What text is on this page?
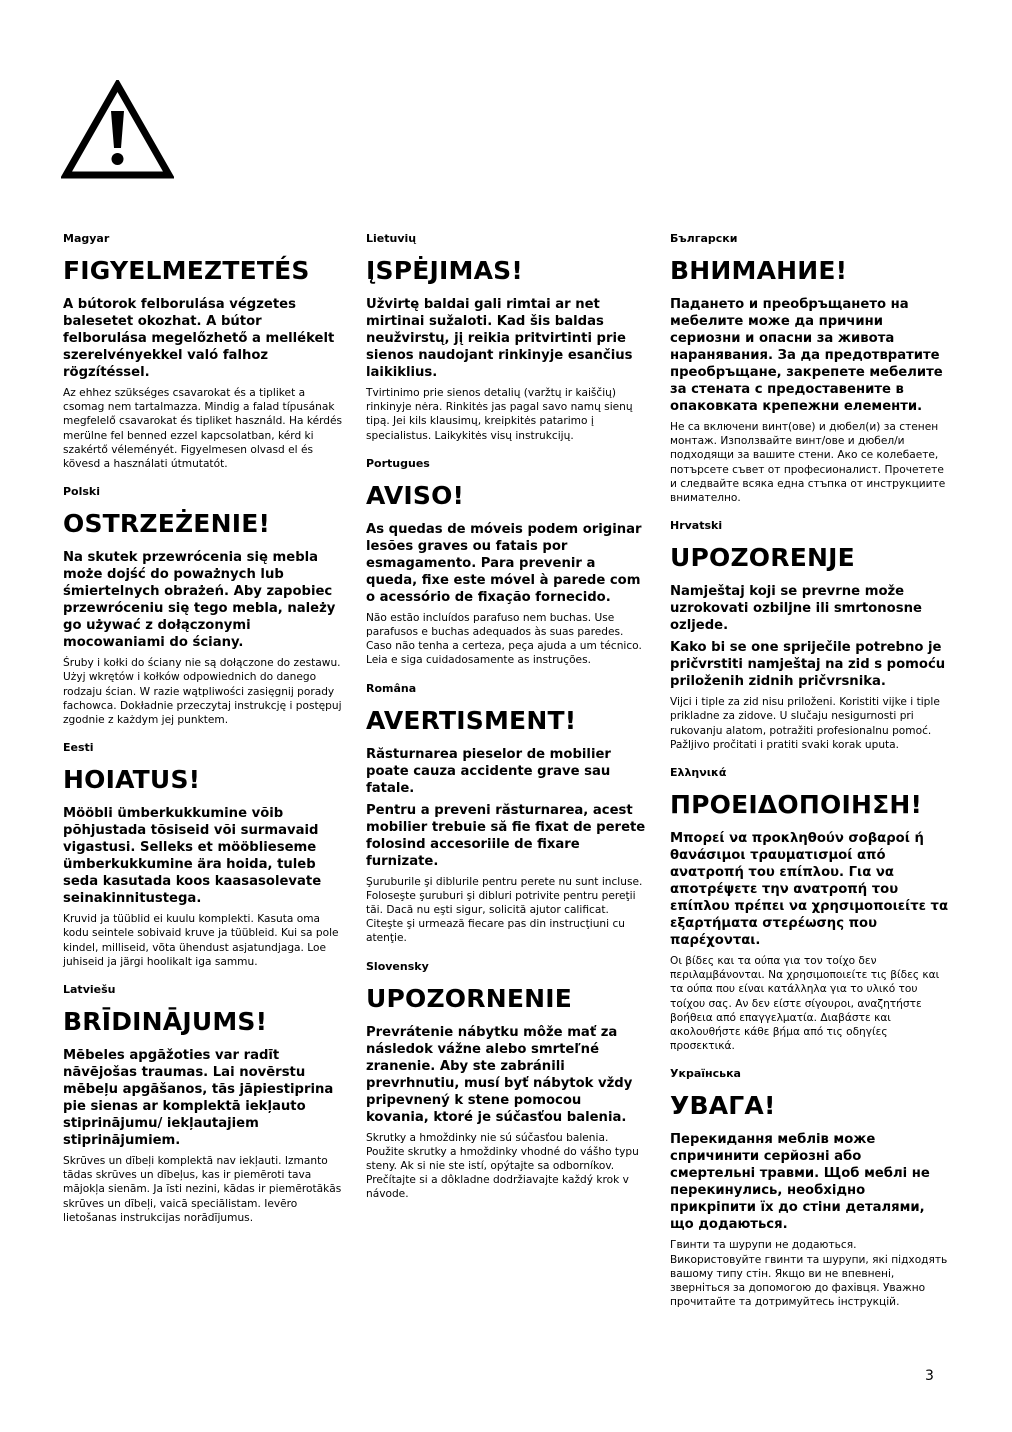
Magyar
FIGYELMEZTETÉS

A bútorok felborulása végzetes balesetet okozhat. A bútor felborulása megelőzhető a mellékelt szerelvényekkel való falhoz rögzítéssel.

Az ehhez szükséges csavarokat és a tipliket a csomag nem tartalmazza. Mindig a falad típusának megfelelő csavarokat és tipliket használd. Ha kérdés merülne fel benned ezzel kapcsolatban, kérd ki szakértő véleményét. Figyelmesen olvasd el és kövesd a használati útmutatót.

Polski
OSTRZEŻENIE!

Na skutek przewrócenia się mebla może dojść do poważnych lub śmiertelnych obrażeń. Aby zapobiec przewróceniu się tego mebla, należy go używać z dołączonymi mocowaniami do ściany.

Śruby i kołki do ściany nie są dołączone do zestawu. Użyj wkrętów i kołków odpowiednich do danego rodzaju ścian. W razie wątpliwości zasięgnij porady fachowca. Dokładnie przeczytaj instrukcję i postępuj zgodnie z każdym jej punktem.

Eesti
HOIATUS!

Mööbli ümberkukkumine võib põhjustada tõsiseid või surmavaid vigastusi. Selleks et mööblieseme ümberkukkumine ära hoida, tuleb seda kasutada koos kaasasolevate seinakinnitustega.

Kruvid ja tüüblid ei kuulu komplekti. Kasuta oma kodu seintele sobivaid kruve ja tüübleid. Kui sa pole kindel, milliseid, võta ühendust asjatundjaga. Loe juhiseid ja järgi hoolikalt iga sammu.

Latviešu
BRĪDINĀJUMS!

Mēbeles apgāžoties var radīt nāvējošas traumas. Lai novērstu mēbeļu apgāšanos, tās jāpiestiprina pie sienas ar komplektā iekļauto stiprinājumu/ iekļautajiem stiprinājumiem.

Skrūves un dībeļi komplektā nav iekļauti. Izmanto tādas skrūves un dībeļus, kas ir piemēroti tava mājokļa sienām. Ja īsti nezini, kādas ir piemērotākās skrūves un dībeļi, vaicā speciālistam. Ievēro lietošanas instrukcijas norādījumus.

Lietuvių
ĮSPĖJIMAS!

Užvirtę baldai gali rimtai ar net mirtinai sužaloti. Kad šis baldas neužvirstų, jį reikia pritvirtinti prie sienos naudojant rinkinyje esančius laikiklius.

Tvirtinimo prie sienos detalių (varžtų ir kaiščių) rinkinyje nėra. Rinkitės jas pagal savo namų sienų tipą. Jei kils klausimų, kreipkitės patarimo į specialistus. Laikykitės visų instrukcijų.

Portugues
AVISO!

As quedas de móveis podem originar lesões graves ou fatais por esmagamento. Para prevenir a queda, fixe este móvel à parede com o acessório de fixação fornecido.

Não estão incluídos parafuso nem buchas. Use parafusos e buchas adequados às suas paredes. Caso não tenha a certeza, peça ajuda a um técnico. Leia e siga cuidadosamente as instruções.

Româna
AVERTISMENT!

Răsturnarea pieselor de mobilier poate cauza accidente grave sau fatale.

Pentru a preveni răsturnarea, acest mobilier trebuie să fie fixat de perete folosind accesoriile de fixare furnizate.

Şuruburile şi diblurile pentru perete nu sunt incluse. Foloseşte şuruburi şi dibluri potrivite pentru pereţii tăi. Dacă nu eşti sigur, solicită ajutor calificat. Citeşte şi urmează fiecare pas din instrucţiuni cu atenţie.

Slovensky
UPOZORNENIE

Prevrátenie nábytku môže mať za následok vážne alebo smrteľné zranenie. Aby ste zabránili prevrhnutiu, musí byť nábytok vždy pripevnený k stene pomocou kovania, ktoré je súčasťou balenia.

Skrutky a hmoždinky nie sú súčasťou balenia. Použite skrutky a hmoždinky vhodné do vášho typu steny. Ak si nie ste istí, opýtajte sa odborníkov. Prečítajte si a dôkladne dodržiavajte každý krok v návode.

Български
ВНИМАНИЕ!

Падането и преобръщането на мебелите може да причини сериозни и опасни за живота наранявания. За да предотвратите преобръщане, закрепете мебелите за стената с предоставените в опаковката крепежни елементи.

Не са включени винт(ове) и дюбел(и) за стенен монтаж. Използвайте винт/ове и дюбел/и подходящи за вашите стени. Ако се колебаете, потърсете съвет от професионалист. Прочетете и следвайте всяка една стъпка от инструкциите внимателно.

Hrvatski
UPOZORENJE

Namještaj koji se prevrne može uzrokovati ozbiljne ili smrtonosne ozljede.

Kako bi se one spriječile potrebno je pričvrstiti namještaj na zid s pomoću priloženih zidnih pričvrsnika.

Vijci i tiple za zid nisu priloženi. Koristiti vijke i tiple prikladne za zidove. U slučaju nesigurnosti pri rukovanju alatom, potražiti profesionalnu pomoć. Pažljivo pročitati i pratiti svaki korak uputa.

Ελληνικά
ΠΡΟΕΙΔΟΠΟΙΗΣΗ!

Μπορεί να προκληθούν σοβαροί ή θανάσιμοι τραυματισμοί από ανατροπή του επίπλου. Για να αποτρέψετε την ανατροπή του επίπλου πρέπει να χρησιμοποιείτε τα εξαρτήματα στερέωσης που παρέχονται.

Οι βίδες και τα ούπα για τον τοίχο δεν περιλαμβάνονται. Να χρησιμοποιείτε τις βίδες και τα ούπα που είναι κατάλληλα για το υλικό του τοίχου σας. Αν δεν είστε σίγουροι, αναζητήστε βοήθεια από επαγγελματία. Διαβάστε και ακολουθήστε κάθε βήμα από τις οδηγίες προσεκτικά.

Українська
УВАГА!

Перекидання меблів може спричинити серйозні або смертельні травми. Щоб меблі не перекинулись, необхідно прикріпити їх до стіни деталями, що додаються.

Гвинти та шурупи не додаються. Використовуйте гвинти та шурупи, які підходять вашому типу стін. Якщо ви не впевнені, зверніться за допомогою до фахівця. Уважно прочитайте та дотримуйтесь інструкцій.

3
